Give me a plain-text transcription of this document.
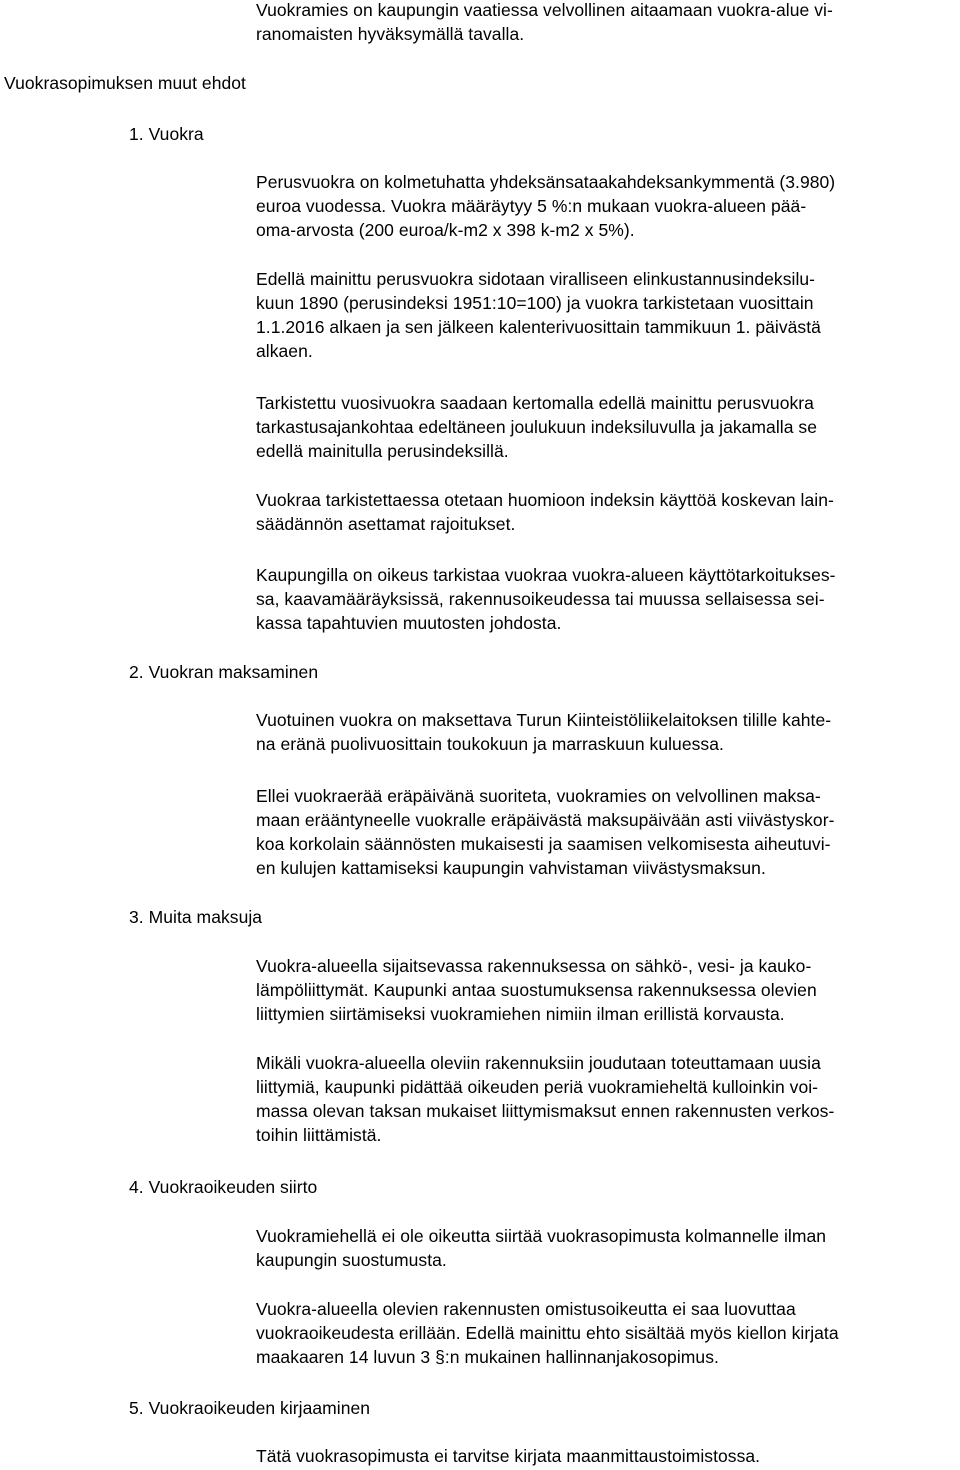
Vuokramies on kaupungin vaatiessa velvollinen aitaamaan vuokra-alue vi-
ranomaisten hyväksymällä tavalla.
Vuokrasopimuksen muut ehdot
1. Vuokra
Perusvuokra on kolmetuhatta yhdeksänsataakahdeksankymmentä (3.980)
euroa vuodessa. Vuokra määräytyy 5 %:n mukaan vuokra-alueen pää-
oma-arvosta (200 euroa/k-m2 x 398 k-m2 x 5%).
Edellä mainittu perusvuokra sidotaan viralliseen elinkustannusindeksilu-
kuun 1890 (perusindeksi 1951:10=100) ja vuokra tarkistetaan vuosittain
1.1.2016 alkaen ja sen jälkeen kalenterivuosittain tammikuun 1. päivästä
alkaen.
Tarkistettu vuosivuokra saadaan kertomalla edellä mainittu perusvuokra
tarkastusajankohtaa edeltäneen joulukuun indeksiluvulla ja jakamalla se
edellä mainitulla perusindeksillä.
Vuokraa tarkistettaessa otetaan huomioon indeksin käyttöä koskevan lain-
säädännön asettamat rajoitukset.
Kaupungilla on oikeus tarkistaa vuokraa vuokra-alueen käyttötarkoitukses-
sa, kaavamääräyksissä, rakennusoikeudessa tai muussa sellaisessa sei-
kassa tapahtuvien muutosten johdosta.
2. Vuokran maksaminen
Vuotuinen vuokra on maksettava Turun Kiinteistöliikelaitoksen tilille kahte-
na eränä puolivuosittain toukokuun ja marraskuun kuluessa.
Ellei vuokraerää eräpäivänä suoriteta, vuokramies on velvollinen maksa-
maan erääntyneelle vuokralle eräpäivästä maksupäivään asti viivästyskor-
koa korkolain säännösten mukaisesti ja saamisen velkomisesta aiheutuvi-
en kulujen kattamiseksi kaupungin vahvistaman viivästysmaksun.
3. Muita maksuja
Vuokra-alueella sijaitsevassa rakennuksessa on sähkö-, vesi- ja kauko-
lämpöliittymät. Kaupunki antaa suostumuksensa rakennuksessa olevien
liittymien siirtämiseksi vuokramiehen nimiin ilman erillistä korvausta.
Mikäli vuokra-alueella oleviin rakennuksiin joudutaan toteuttamaan uusia
liittymiä, kaupunki pidättää oikeuden periä vuokramieheltä kulloinkin voi-
massa olevan taksan mukaiset liittymismaksut ennen rakennusten verkos-
toihin liittämistä.
4. Vuokraoikeuden siirto
Vuokramiehellä ei ole oikeutta siirtää vuokrasopimusta kolmannelle ilman
kaupungin suostumusta.
Vuokra-alueella olevien rakennusten omistusoikeutta ei saa luovuttaa
vuokraoikeudesta erillään. Edellä mainittu ehto sisältää myös kiellon kirjata
maakaaren 14 luvun 3 §:n mukainen hallinnanjakosopimus.
5. Vuokraoikeuden kirjaaminen
Tätä vuokrasopimusta ei tarvitse kirjata maanmittaustoimistossa.
